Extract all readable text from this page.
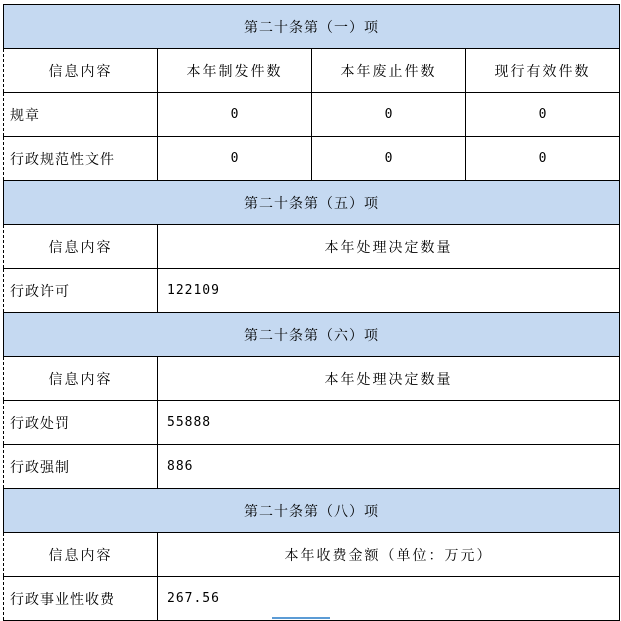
第二十条第（一）项			
信息内容	本年制发件数	本年废止件数	现行有效件数
规章	0	0	0
行政规范性文件	0	0	0
第二十条第（五）项			
信息内容	本年处理决定数量		
行政许可	122109		
第二十条第（六）项			
信息内容	本年处理决定数量		
行政处罚	55888		
行政强制	886		
第二十条第（八）项			
信息内容	本年收费金额（单位：万元）		
行政事业性收费	267.56		
